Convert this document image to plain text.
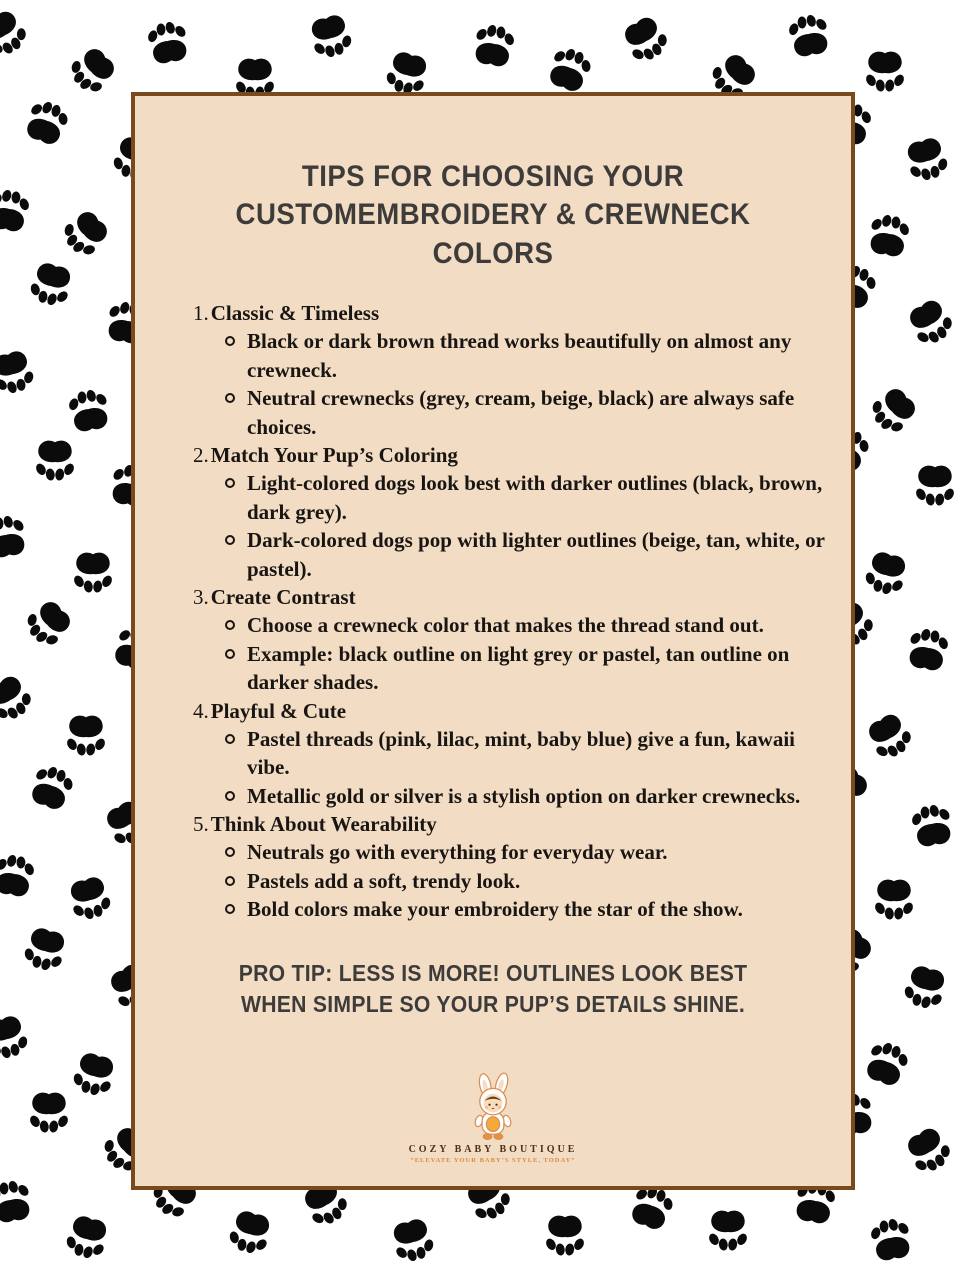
TIPS FOR CHOOSING YOUR CUSTOMEMBROIDERY & CREWNECK COLORS
1.Classic & Timeless
Black or dark brown thread works beautifully on almost any crewneck.
Neutral crewnecks (grey, cream, beige, black) are always safe choices.
2.Match Your Pup’s Coloring
Light-colored dogs look best with darker outlines (black, brown, dark grey).
Dark-colored dogs pop with lighter outlines (beige, tan, white, or pastel).
3.Create Contrast
Choose a crewneck color that makes the thread stand out.
Example: black outline on light grey or pastel, tan outline on darker shades.
4.Playful & Cute
Pastel threads (pink, lilac, mint, baby blue) give a fun, kawaii vibe.
Metallic gold or silver is a stylish option on darker crewnecks.
5.Think About Wearability
Neutrals go with everything for everyday wear.
Pastels add a soft, trendy look.
Bold colors make your embroidery the star of the show.

PRO TIP: LESS IS MORE! OUTLINES LOOK BEST WHEN SIMPLE SO YOUR PUP’S DETAILS SHINE.

COZY BABY BOUTIQUE
“ELEVATE YOUR BABY’S STYLE, TODAY”
